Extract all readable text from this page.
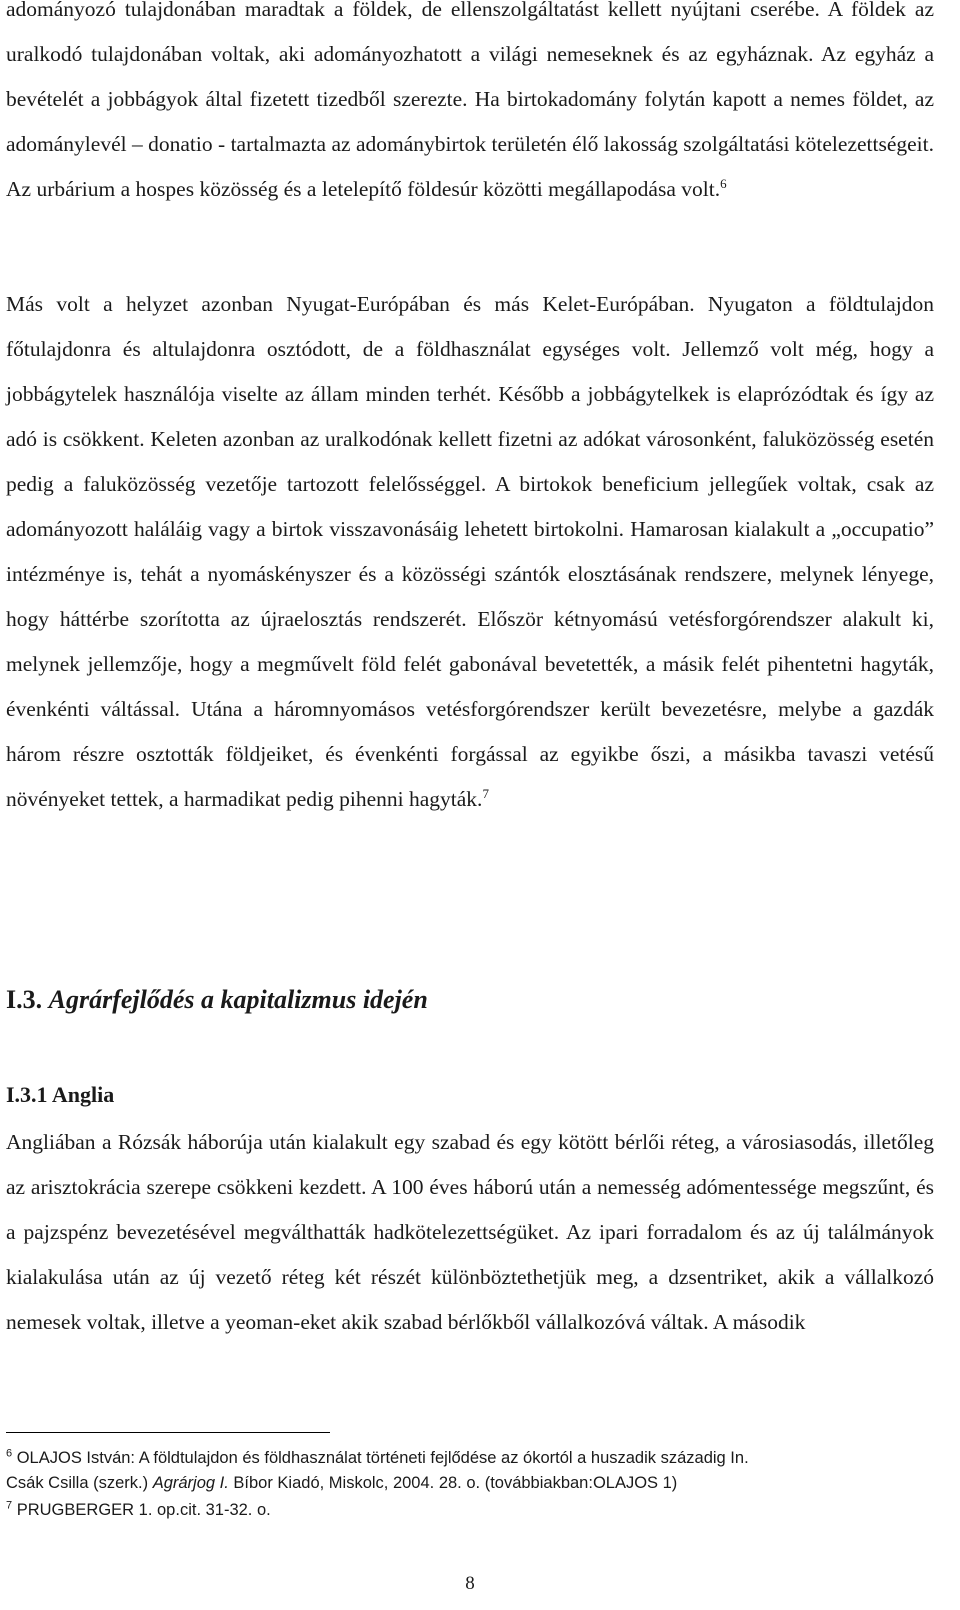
adományozó tulajdonában maradtak a földek, de ellenszolgáltatást kellett nyújtani cserébe. A földek az uralkodó tulajdonában voltak, aki adományozhatott a világi nemeseknek és az egyháznak. Az egyház a bevételét a jobbágyok által fizetett tizedből szerezte. Ha birtokadomány folytán kapott a nemes földet, az adománylevél – donatio - tartalmazta az adománybirtok területén élő lakosság szolgáltatási kötelezettségeit. Az urbárium a hospes közösség és a letelepítő földesúr közötti megállapodása volt.$^6$

Más volt a helyzet azonban Nyugat-Európában és más Kelet-Európában. Nyugaton a földtulajdon főtulajdonra és altulajdonra osztódott, de a földhasználat egységes volt. Jellemző volt még, hogy a jobbágytelek használója viselte az állam minden terhét. Később a jobbágytelkek is elaprózódtak és így az adó is csökkent. Keleten azonban az uralkodónak kellett fizetni az adókat városonként, faluközösség esetén pedig a faluközösség vezetője tartozott felelősséggel. A birtokok beneficium jellegűek voltak, csak az adományozott haláláig vagy a birtok visszavonásáig lehetett birtokolni. Hamarosan kialakult a „occupatio” intézménye is, tehát a nyomáskényszer és a közösségi szántók elosztásának rendszere, melynek lényege, hogy háttérbe szorította az újraelosztás rendszerét. Először kétnyomású vetésforgórendszer alakult ki, melynek jellemzője, hogy a megművelt föld felét gabonával bevetették, a másik felét pihentetni hagyták, évenkénti váltással. Utána a háromnyomásos vetésforgórendszer került bevezetésre, melybe a gazdák három részre osztották földjeiket, és évenkénti forgással az egyikbe őszi, a másikba tavaszi vetésű növényeket tettek, a harmadikat pedig pihenni hagyták.$^7$

I.3. Agrárfejlődés a kapitalizmus idején
I.3.1 Anglia

Angliában a Rózsák háborúja után kialakult egy szabad és egy kötött bérlői réteg, a városiasodás, illetőleg az arisztokrácia szerepe csökkeni kezdett. A 100 éves háború után a nemesség adómentessége megszűnt, és a pajzspénz bevezetésével megválthatták hadkötelezettségüket. Az ipari forradalom és az új találmányok kialakulása után az új vezető réteg két részét különböztethetjük meg, a dzsentriket, akik a vállalkozó nemesek voltak, illetve a yeoman-eket akik szabad bérlőkből vállalkozóvá váltak. A második

$^6$ OLAJOS István: A földtulajdon és földhasználat történeti fejlődése az ókortól a huszadik századig In.
Csák Csilla (szerk.) Agrárjog I. Bíbor Kiadó, Miskolc, 2004. 28. o. (továbbiakban:OLAJOS 1)

$^7$ PRUGBERGER 1. op.cit. 31-32. o.

8
